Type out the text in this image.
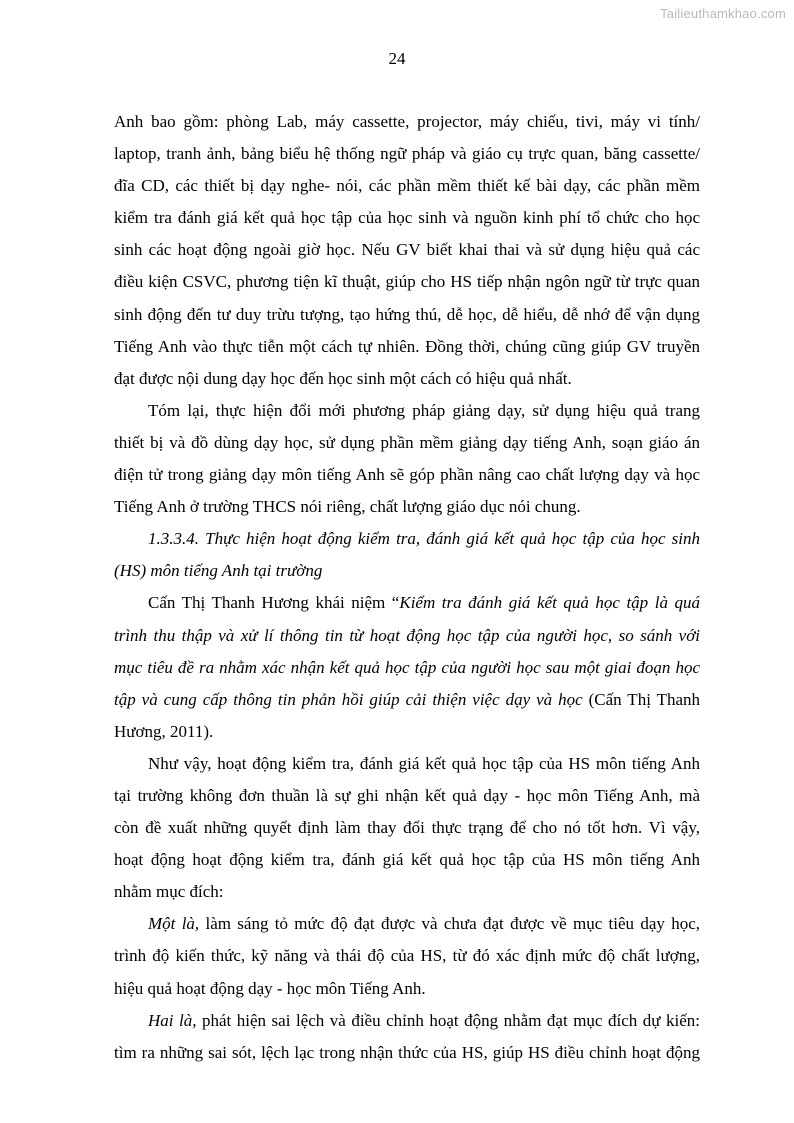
Tailieuthamkhao.com
24
Anh bao gồm: phòng Lab, máy cassette, projector, máy chiếu, tivi, máy vi tính/
laptop, tranh ảnh, bảng biểu hệ thống ngữ pháp và giáo cụ trực quan, băng cassette/
đĩa CD, các thiết bị dạy nghe- nói, các phần mềm thiết kế bài dạy, các phần mềm
kiểm tra đánh giá kết quả học tập của học sinh và nguồn kinh phí tổ chức cho học
sinh các hoạt động ngoài giờ học. Nếu GV biết khai thai và sử dụng hiệu quả các
điều kiện CSVC, phương tiện kĩ thuật, giúp cho HS tiếp nhận ngôn ngữ từ trực quan
sinh động đến tư duy trừu tượng, tạo hứng thú, dễ học, dễ hiểu, dễ nhớ để vận dụng
Tiếng Anh vào thực tiễn một cách tự nhiên. Đồng thời, chúng cũng giúp GV truyền
đạt được nội dung dạy học đến học sinh một cách có hiệu quả nhất.
Tóm lại, thực hiện đổi mới phương pháp giảng dạy, sử dụng hiệu quả trang
thiết bị và đồ dùng dạy học, sử dụng phần mềm giảng dạy tiếng Anh, soạn giáo án
điện tử trong giảng dạy môn tiếng Anh sẽ góp phần nâng cao chất lượng dạy và học
Tiếng Anh ở trường THCS nói riêng, chất lượng giáo dục nói chung.
1.3.3.4. Thực hiện hoạt động kiểm tra, đánh giá kết quả học tập của học sinh
(HS) môn tiếng Anh tại trường
Cấn Thị Thanh Hương khái niệm “Kiểm tra đánh giá kết quả học tập là quá
trình thu thập và xử lí thông tin từ hoạt động học tập của người học, so sánh với
mục tiêu đề ra nhằm xác nhận kết quả học tập của người học sau một giai đoạn học
tập và cung cấp thông tin phản hồi giúp cải thiện việc dạy và học (Cấn Thị Thanh
Hương, 2011).
Như vậy, hoạt động kiểm tra, đánh giá kết quả học tập của HS môn tiếng Anh
tại trường không đơn thuần là sự ghi nhận kết quả dạy - học môn Tiếng Anh, mà
còn đề xuất những quyết định làm thay đổi thực trạng để cho nó tốt hơn. Vì vậy,
hoạt động hoạt động kiểm tra, đánh giá kết quả học tập của HS môn tiếng Anh
nhằm mục đích:
Một là, làm sáng tỏ mức độ đạt được và chưa đạt được về mục tiêu dạy học,
trình độ kiến thức, kỹ năng và thái độ của HS, từ đó xác định mức độ chất lượng,
hiệu quả hoạt động dạy - học môn Tiếng Anh.
Hai là, phát hiện sai lệch và điều chỉnh hoạt động nhằm đạt mục đích dự kiến:
tìm ra những sai sót, lệch lạc trong nhận thức của HS, giúp HS điều chỉnh hoạt động
